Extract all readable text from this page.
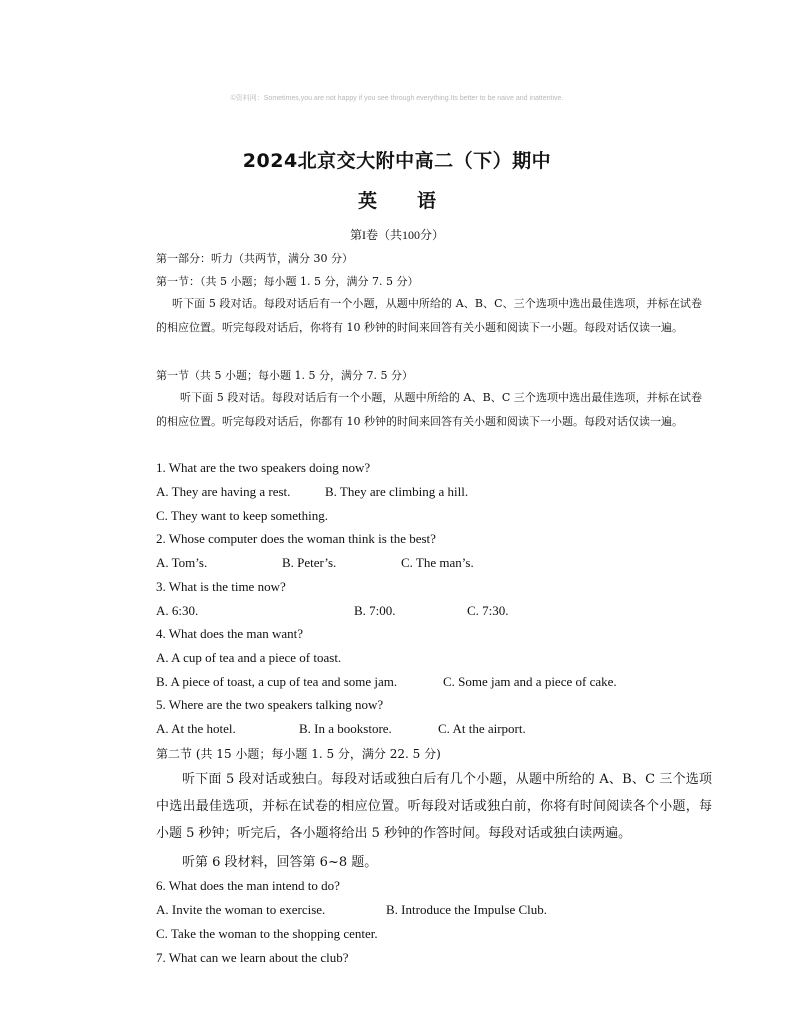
©资料网：Sometimes,you are not happy if you see through everything.Its better to be naive and inattentive.
2024北京交大附中高二（下）期中
英 语
第I卷（共100分）
第一部分：听力（共两节，满分 30 分）
第一节：（共 5 小题；每小题 1. 5 分，满分 7. 5 分）
听下面 5 段对话。每段对话后有一个小题，从题中所给的 A、B、C、三个选项中选出最佳选项，并标在试卷的相应位置。听完每段对话后，你将有 10 秒钟的时间来回答有关小题和阅读下一小题。每段对话仅读一遍。
第一节（共 5 小题；每小题 1. 5 分，满分 7. 5 分）
听下面 5 段对话。每段对话后有一个小题，从题中所给的 A、B、C 三个选项中选出最佳选项，并标在试卷的相应位置。听完每段对话后，你都有 10 秒钟的时间来回答有关小题和阅读下一小题。每段对话仅读一遍。
1. What are the two speakers doing now?
A. They are having a rest.	B. They are climbing a hill.
C. They want to keep something.
2. Whose computer does the woman think is the best?
A. Tom’s.	B. Peter’s.	C. The man’s.
3. What is the time now?
A. 6:30.	B. 7:00.	C. 7:30.
4. What does the man want?
A. A cup of tea and a piece of toast.
B. A piece of toast, a cup of tea and some jam.	C. Some jam and a piece of cake.
5. Where are the two speakers talking now?
A. At the hotel.	B. In a bookstore.	C. At the airport.
第二节 (共 15 小题；每小题 1. 5 分，满分 22. 5 分)
听下面 5 段对话或独白。每段对话或独白后有几个小题，从题中所给的 A、B、C 三个选项中选出最佳选项，并标在试卷的相应位置。听每段对话或独白前，你将有时间阅读各个小题，每小题 5 秒钟；听完后，各小题将给出 5 秒钟的作答时间。每段对话或独白读两遍。
听第 6 段材料，回答第 6~8 题。
6. What does the man intend to do?
A. Invite the woman to exercise.	B. Introduce the Impulse Club.
C. Take the woman to the shopping center.
7. What can we learn about the club?
